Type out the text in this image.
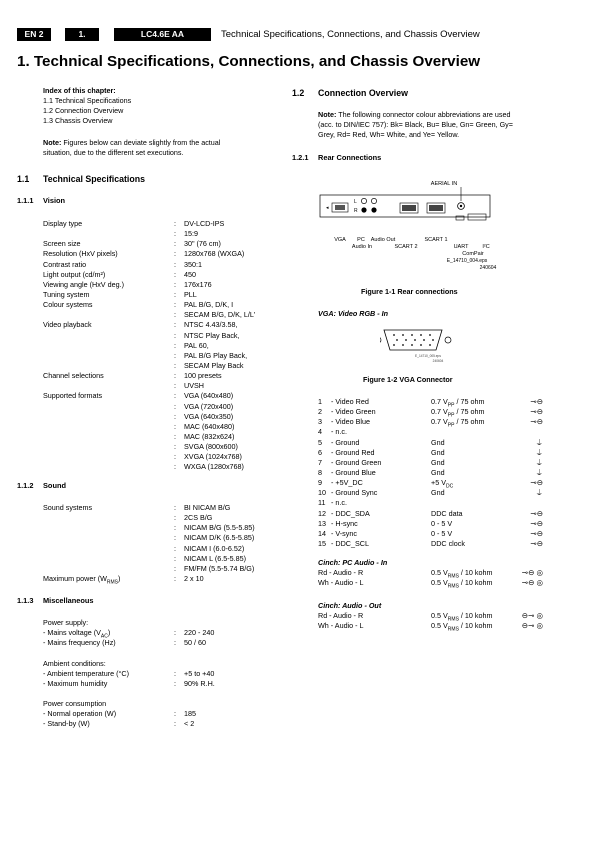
EN 2	1.	LC4.6E AA	Technical Specifications, Connections, and Chassis Overview
1. Technical Specifications, Connections, and Chassis Overview
Index of this chapter:
1.1 Technical Specifications
1.2 Connection Overview
1.3 Chassis Overview
Note: Figures below can deviate slightly from the actual
situation, due to the different set executions.
1.1 Technical Specifications
1.1.1 Vision
Display type	: DV-LCD-IPS
: 15:9
Screen size	: 30" (76 cm)
Resolution (HxV pixels)	: 1280x768 (WXGA)
Contrast ratio	: 350:1
Light output (cd/m²)	: 450
Viewing angle (HxV deg.)	: 176x176
Tuning system	: PLL
Colour systems	: PAL B/G, D/K, I
: SECAM B/G, D/K, L/L'
Video playback	: NTSC 4.43/3.58,
: NTSC Play Back,
: PAL 60,
: PAL B/G Play Back,
: SECAM Play Back
Channel selections	: 100 presets
: UVSH
Supported formats	: VGA (640x480)
: VGA (720x400)
: VGA (640x350)
: MAC (640x480)
: MAC (832x624)
: SVGA (800x600)
: XVGA (1024x768)
: WXGA (1280x768)
1.1.2 Sound
Sound systems	: BI NICAM B/G
: 2CS B/G
: NICAM B/G (5.5-5.85)
: NICAM D/K (6.5-5.85)
: NICAM I (6.0-6.52)
: NICAM L (6.5-5.85)
: FM/FM (5.5-5.74 B/G)
Maximum power $(W_{RMS})$	: 2 x 10
1.1.3 Miscellaneous
Power supply:
- Mains voltage $(V_{AC})$	: 220 - 240
- Mains frequency (Hz)	: 50 / 60
Ambient conditions:
- Ambient temperature (°C)	: +5 to +40
- Maximum humidity	: 90% R.H.
Power consumption
- Normal operation (W)	: 185
- Stand-by (W)	: < 2
1.2 Connection Overview
Note: The following connector colour abbreviations are used
(acc. to DIN/IEC 757): Bk= Black, Bu= Blue, Gn= Green, Gy=
Grey, Rd= Red, Wh= White, and Ye= Yellow.
1.2.1 Rear Connections
AERIAL IN
◂
L
R
VGA PC
Audio In
Audio Out
SCART 2
SCART 1
UART	I²C
ComPair
E_14710_004.eps
240604
Figure 1-1 Rear connections
VGA: Video RGB - In
E_14710_005.eps
240604
Figure 1-2 VGA Connector
1 - Video Red	0.7 $V_{PP} / 75$ ohm	⊸⊖
2 - Video Green	0.7 $V_{PP} / 75$ ohm	⊸⊖
3 - Video Blue	0.7 $V_{PP} / 75$ ohm	⊸⊖
4 - n.c.
5 - Ground	Gnd	⏚
6 - Ground Red	Gnd	⏚
7 - Ground Green	Gnd	⏚
8 - Ground Blue	Gnd	⏚
9 - +5V_DC	+5 $V_{DC}$	⊸⊖
10 - Ground Sync	Gnd	⏚
11 - n.c.
12 - DDC_SDA	DDC data	⊸⊖
13 - H-sync	0 - 5 V	⊸⊖
14 - V-sync	0 - 5 V	⊸⊖
15 - DDC_SCL	DDC clock	⊸⊖
Cinch: PC Audio - In
Rd - Audio - R	0.5 $V_{RMS} / 10$ kohm	⊸⊖ ◎
Wh - Audio - L	0.5 $V_{RMS} / 10$ kohm	⊸⊖ ◎
Cinch: Audio - Out
Rd - Audio - R	0.5 $V_{RMS} / 10$ kohm	⊖⊸ ◎
Wh - Audio - L	0.5 $V_{RMS} / 10$ kohm	⊖⊸ ◎
